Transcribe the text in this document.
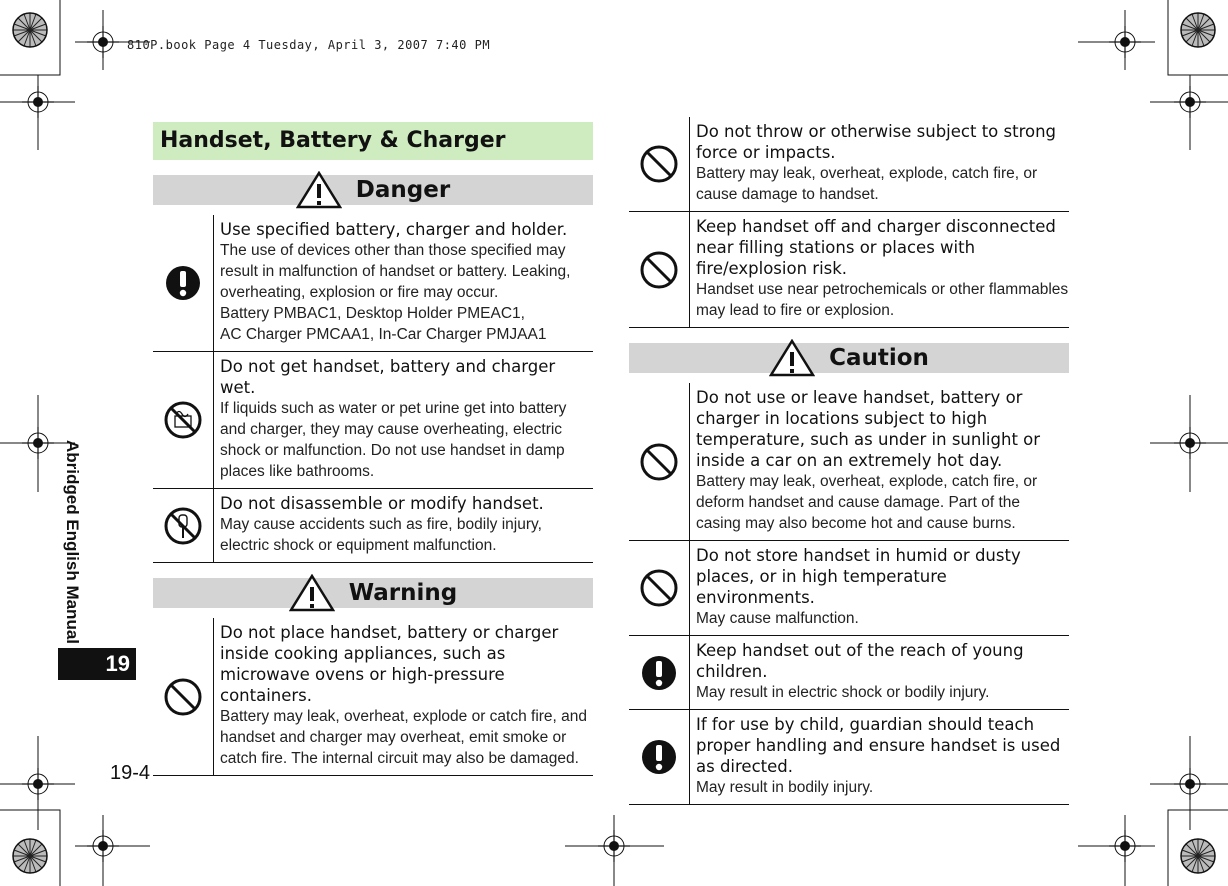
810P.book Page 4 Tuesday, April 3, 2007 7:40 PM
Abridged English Manual
19
19-4
Handset, Battery & Charger
Danger
Use specified battery, charger and holder.
The use of devices other than those specified may result in malfunction of handset or battery. Leaking, overheating, explosion or fire may occur.
Battery PMBAC1, Desktop Holder PMEAC1,
AC Charger PMCAA1, In-Car Charger PMJAA1
Do not get handset, battery and charger wet.
If liquids such as water or pet urine get into battery and charger, they may cause overheating, electric shock or malfunction. Do not use handset in damp places like bathrooms.
Do not disassemble or modify handset.
May cause accidents such as fire, bodily injury, electric shock or equipment malfunction.
Warning
Do not place handset, battery or charger inside cooking appliances, such as microwave ovens or high-pressure containers.
Battery may leak, overheat, explode or catch fire, and handset and charger may overheat, emit smoke or catch fire. The internal circuit may also be damaged.
Do not throw or otherwise subject to strong force or impacts.
Battery may leak, overheat, explode, catch fire, or cause damage to handset.
Keep handset off and charger disconnected near filling stations or places with fire/explosion risk.
Handset use near petrochemicals or other flammables may lead to fire or explosion.
Caution
Do not use or leave handset, battery or charger in locations subject to high temperature, such as under in sunlight or inside a car on an extremely hot day.
Battery may leak, overheat, explode, catch fire, or deform handset and cause damage. Part of the casing may also become hot and cause burns.
Do not store handset in humid or dusty places, or in high temperature environments.
May cause malfunction.
Keep handset out of the reach of young children.
May result in electric shock or bodily injury.
If for use by child, guardian should teach proper handling and ensure handset is used as directed.
May result in bodily injury.
